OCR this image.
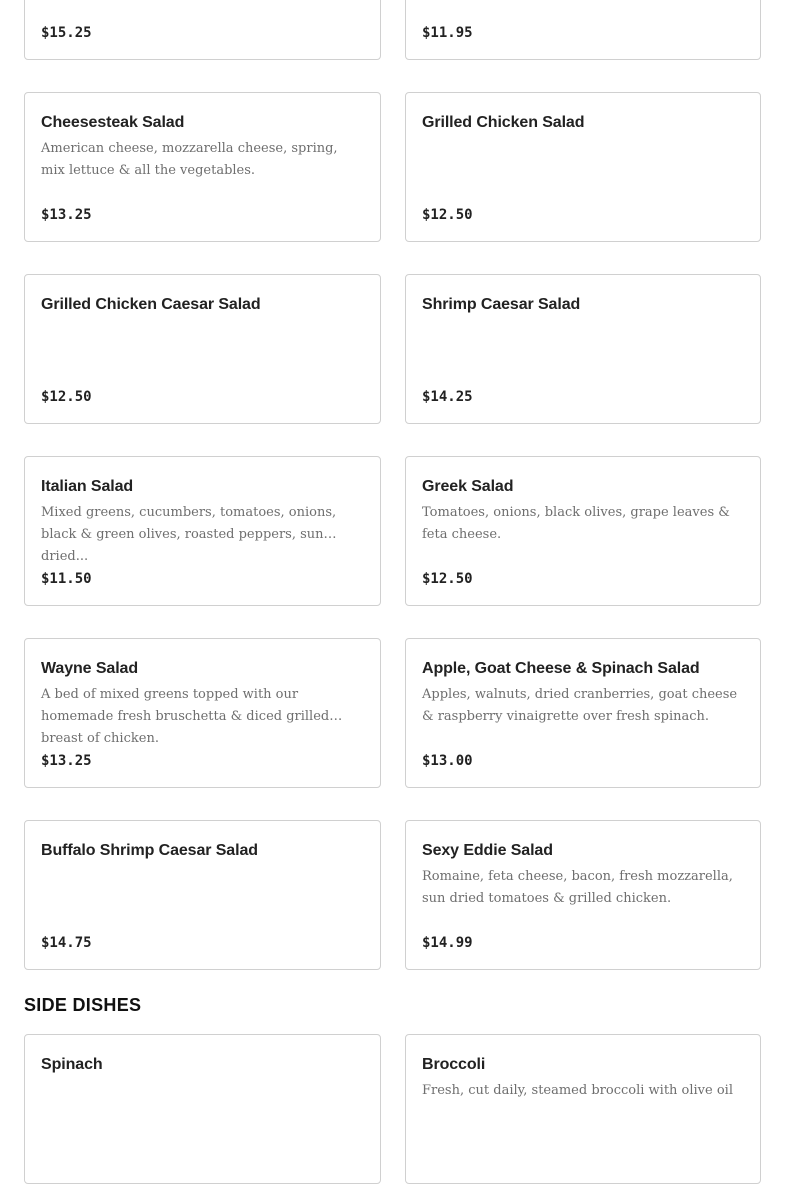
$15.25	$11.95
Cheesesteak Salad
American cheese, mozzarella cheese, spring, mix lettuce & all the vegetables.
$13.25
Grilled Chicken Salad
$12.50
Grilled Chicken Caesar Salad
$12.50
Shrimp Caesar Salad
$14.25
Italian Salad
Mixed greens, cucumbers, tomatoes, onions, black & green olives, roasted peppers, sun dried...
$11.50
Greek Salad
Tomatoes, onions, black olives, grape leaves & feta cheese.
$12.50
Wayne Salad
A bed of mixed greens topped with our homemade fresh bruschetta & diced grilled breast of chicken.
$13.25
Apple, Goat Cheese & Spinach Salad
Apples, walnuts, dried cranberries, goat cheese & raspberry vinaigrette over fresh spinach.
$13.00
Buffalo Shrimp Caesar Salad
$14.75
Sexy Eddie Salad
Romaine, feta cheese, bacon, fresh mozzarella, sun dried tomatoes & grilled chicken.
$14.99
SIDE DISHES
Spinach	Broccoli
Fresh, cut daily, steamed broccoli with olive oil
